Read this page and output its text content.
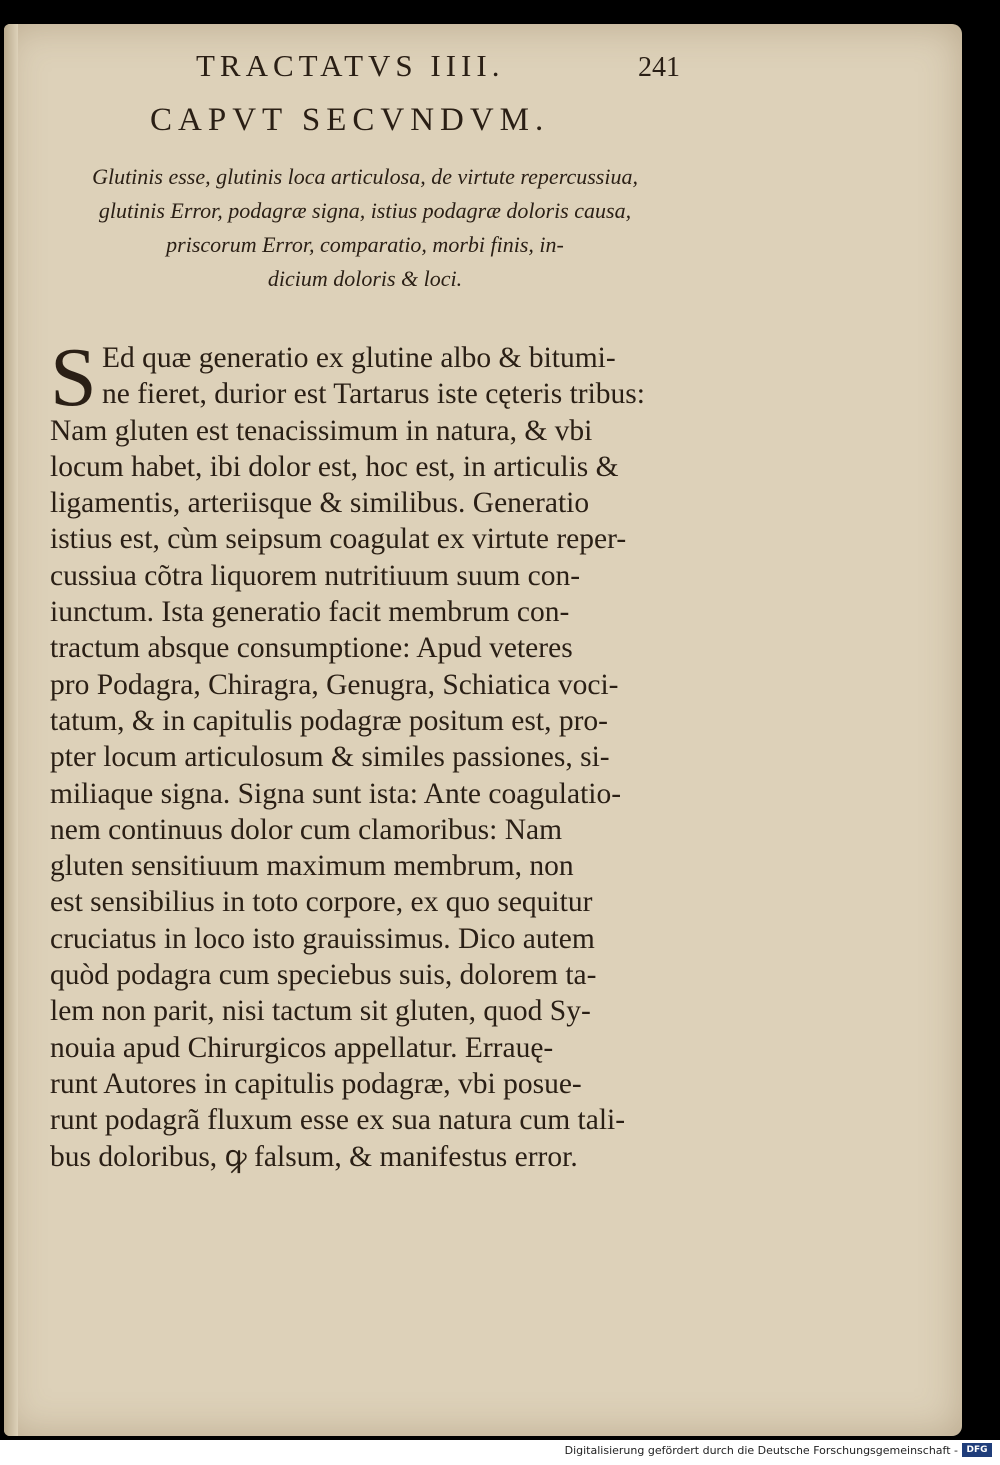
TRACTATVS IIII.	241
CAPVT SECVNDVM.
Glutinis esse, glutinis loca articulosa, de virtute repercussiua,
glutinis Error, podagræ signa, istius podagræ doloris causa,
priscorum Error, comparatio, morbi finis, in-
dicium doloris & loci.
S Ed quæ generatio ex glutine albo & bitumi-
ne fieret, durior est Tartarus iste cęteris tribus:
Nam gluten est tenacissimum in natura, & vbi
locum habet, ibi dolor est, hoc est, in articulis &
ligamentis, arteriisque & similibus. Generatio
istius est, cùm seipsum coagulat ex virtute reper-
cussiua cõtra liquorem nutritiuum suum con-
iunctum. Ista generatio facit membrum con-
tractum absque consumptione: Apud veteres
pro Podagra, Chiragra, Genugra, Schiatica voci-
tatum, & in capitulis podagræ positum est, pro-
pter locum articulosum & similes passiones, si-
miliaque signa. Signa sunt ista: Ante coagulatio-
nem continuus dolor cum clamoribus: Nam
gluten sensitiuum maximum membrum, non
est sensibilius in toto corpore, ex quo sequitur
cruciatus in loco isto grauissimus. Dico autem
quòd podagra cum speciebus suis, dolorem ta-
lem non parit, nisi tactum sit gluten, quod Sy-
nouia apud Chirurgicos appellatur. Errauę-
runt Autores in capitulis podagræ, vbi posue-
runt podagrã fluxum esse ex sua natura cum tali-
bus doloribus, ꝙ falsum, & manifestus error.
Digitalisierung gefördert durch die Deutsche Forschungsgemeinschaft - DFG
